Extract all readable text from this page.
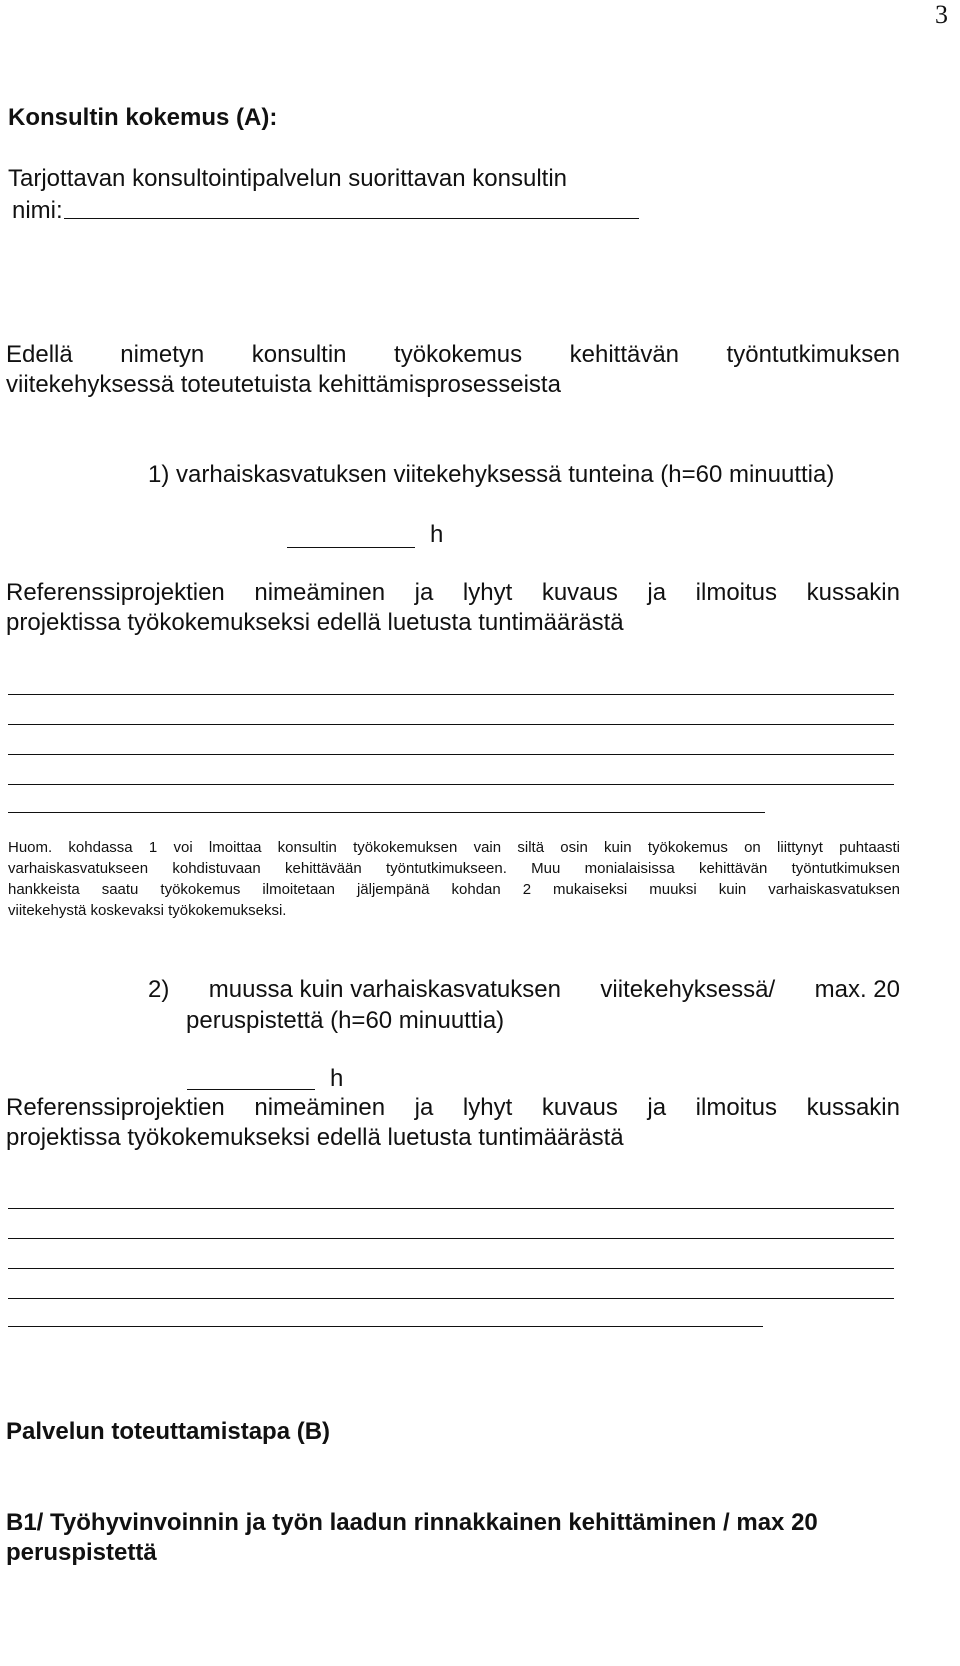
3
Konsultin kokemus (A):
Tarjottavan konsultointipalvelun suorittavan konsultin
nimi:
Edellä nimetyn konsultin työkokemus kehittävän työntutkimuksen
viitekehyksessä toteutetuista kehittämisprosesseista
1) varhaiskasvatuksen viitekehyksessä tunteina (h=60 minuuttia)
h
Referenssiprojektien nimeäminen ja lyhyt kuvaus ja ilmoitus kussakin
projektissa työkokemukseksi edellä luetusta tuntimäärästä
Huom. kohdassa 1 voi lmoittaa konsultin työkokemuksen vain siltä osin kuin työkokemus on liittynyt puhtaasti
varhaiskasvatukseen kohdistuvaan kehittävään työntutkimukseen. Muu monialaisissa kehittävän työntutkimuksen
hankkeista saatu työkokemus ilmoitetaan jäljempänä kohdan 2 mukaiseksi muuksi kuin varhaiskasvatuksen
viitekehystä koskevaksi työkokemukseksi.
2) muussa kuin varhaiskasvatuksen viitekehyksessä/ max. 20
peruspistettä (h=60 minuuttia)
h
Referenssiprojektien nimeäminen ja lyhyt kuvaus ja ilmoitus kussakin
projektissa työkokemukseksi edellä luetusta tuntimäärästä
Palvelun toteuttamistapa (B)
B1/ Työhyvinvoinnin ja työn laadun rinnakkainen kehittäminen / max 20
peruspistettä
